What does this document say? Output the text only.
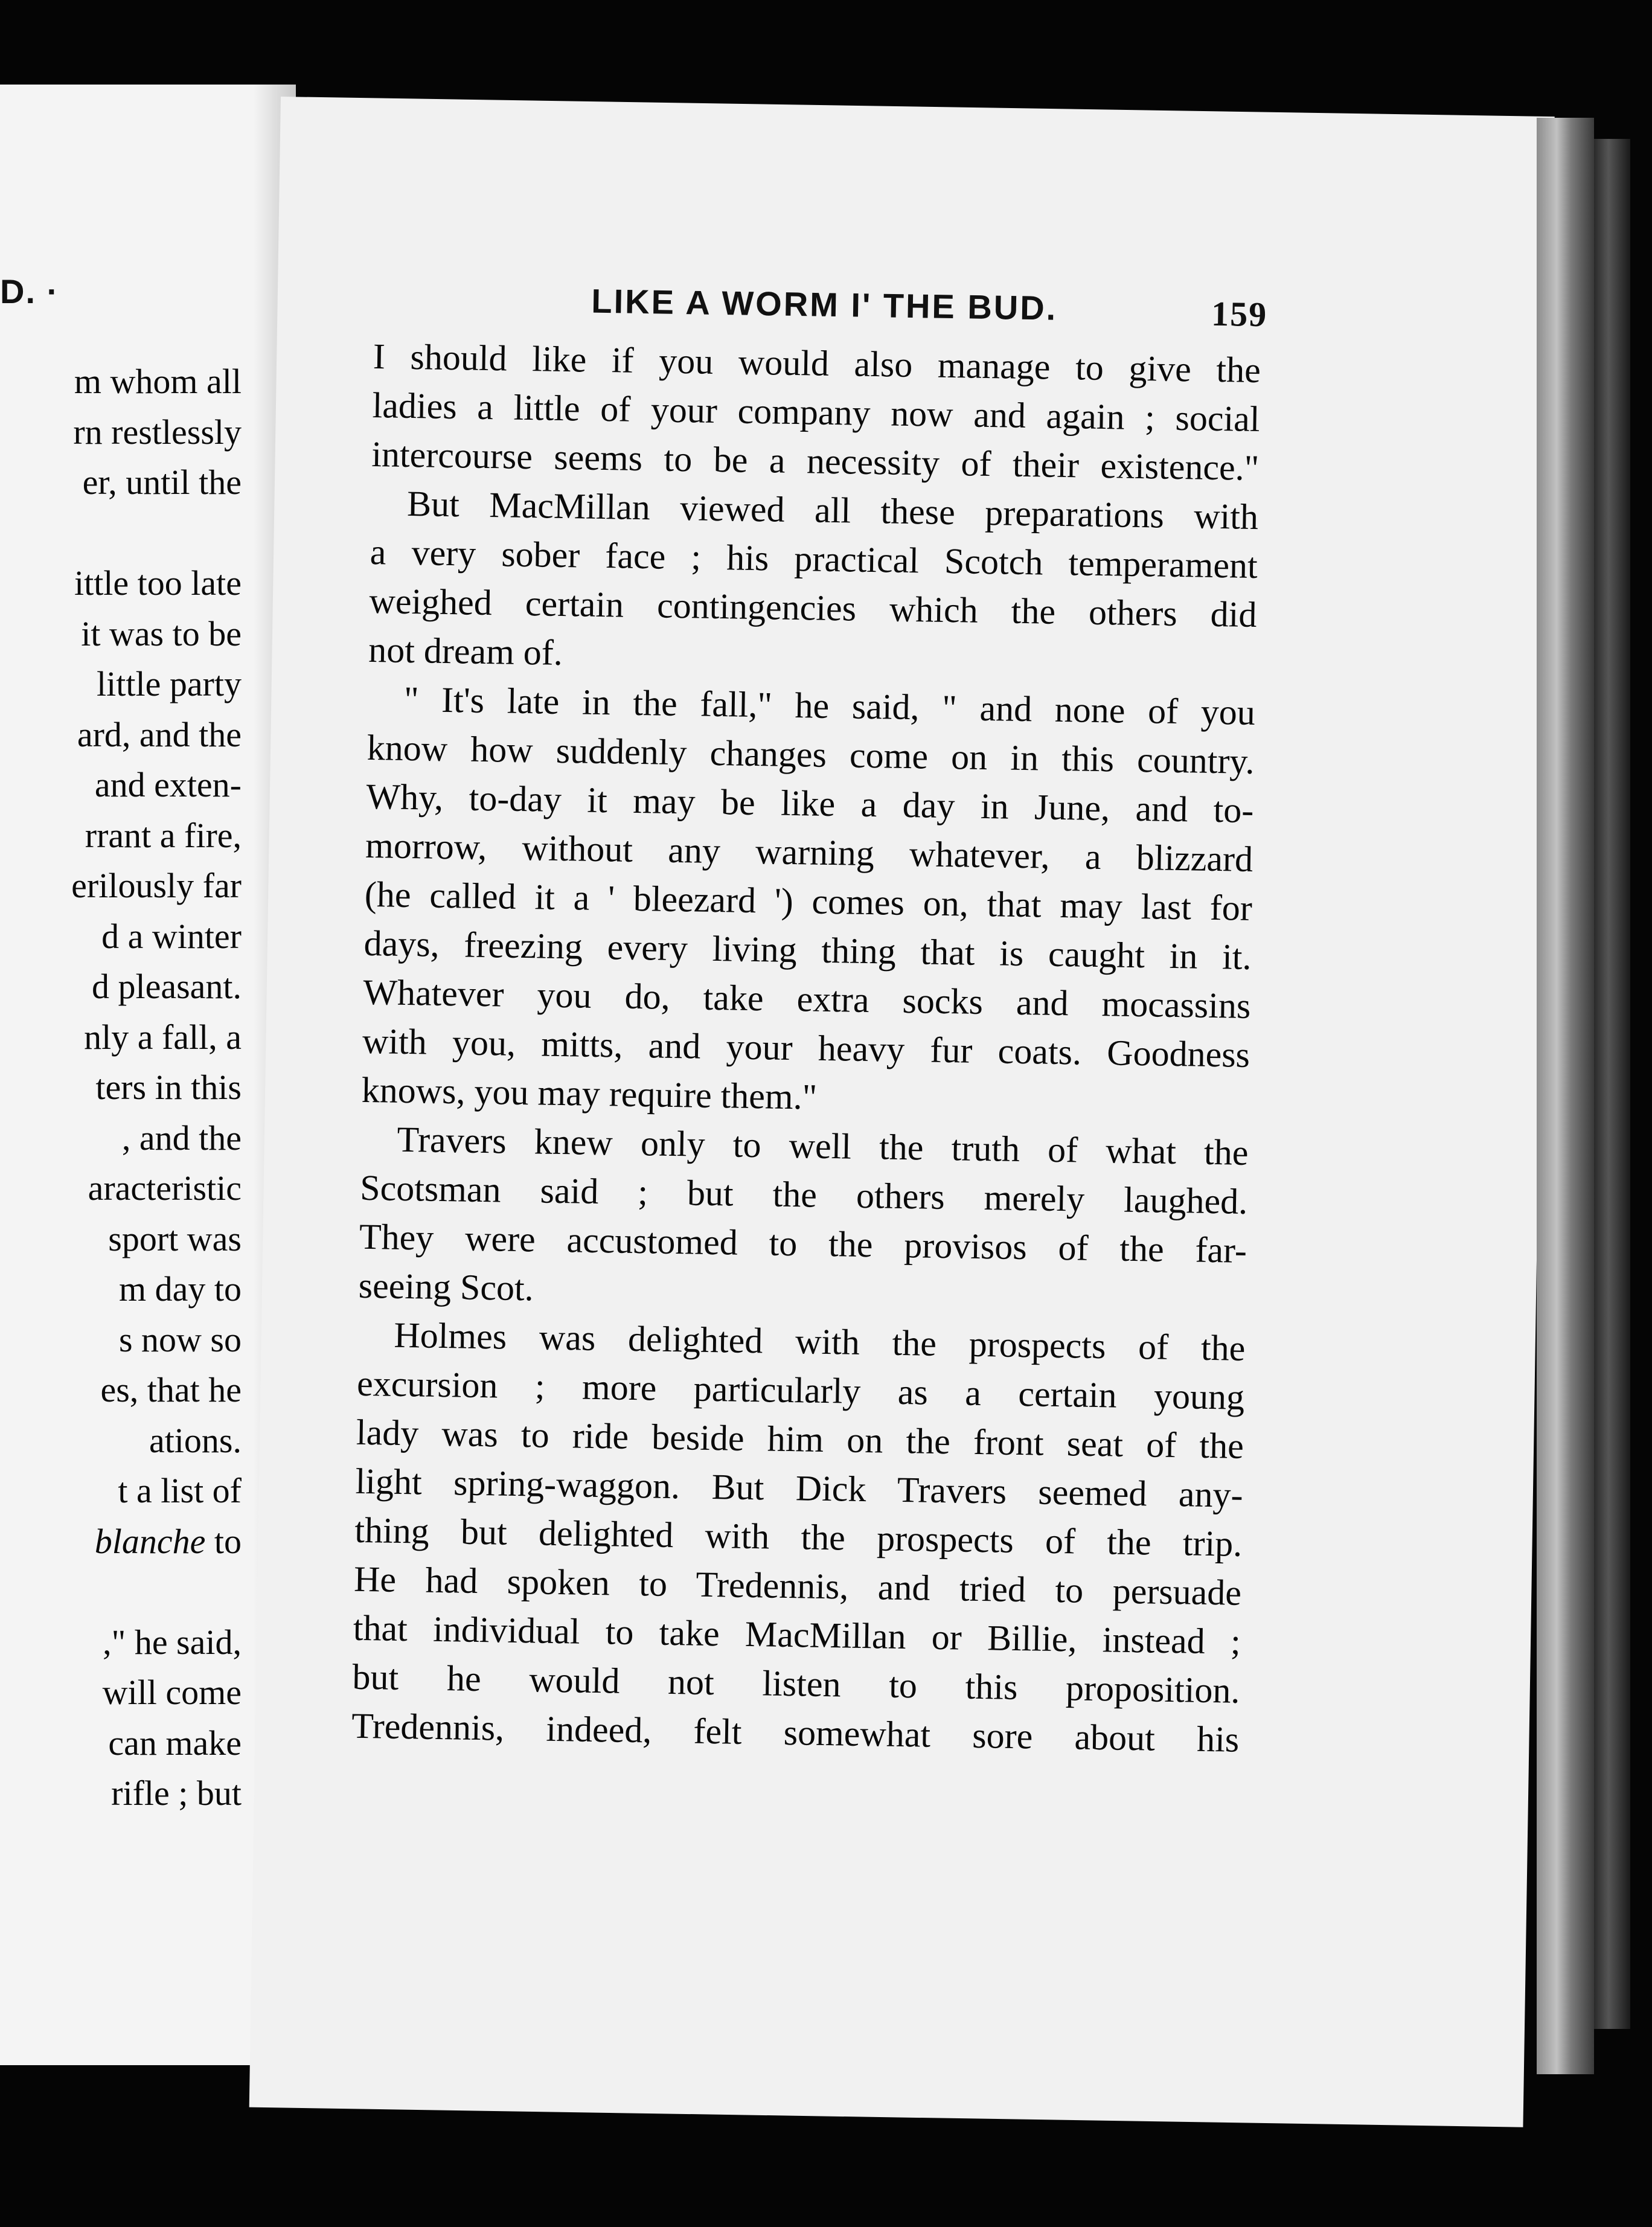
D. ·
m whom all
rn restlessly
er, until the
ittle too late
it was to be
little party
ard, and the
and exten-
rrant a fire,
erilously far
d a winter
d pleasant.
nly a fall, a
ters in this
, and the
aracteristic
sport was
m day to
s now so
es, that he
ations.
t a list of
blanche to
," he said,
will come
can make
rifle ; but
LIKE A WORM I' THE BUD.	159
I should like if you would also manage to give the
ladies a little of your company now and again ; social
intercourse seems to be a necessity of their existence."
But MacMillan viewed all these preparations with
a very sober face ; his practical Scotch temperament
weighed certain contingencies which the others did
not dream of.
" It's late in the fall," he said, " and none of you
know how suddenly changes come on in this country.
Why, to-day it may be like a day in June, and to-
morrow, without any warning whatever, a blizzard
(he called it a ' bleezard ') comes on, that may last for
days, freezing every living thing that is caught in it.
Whatever you do, take extra socks and mocassins
with you, mitts, and your heavy fur coats. Goodness
knows, you may require them."
Travers knew only to well the truth of what the
Scotsman said ; but the others merely laughed.
They were accustomed to the provisos of the far-
seeing Scot.
Holmes was delighted with the prospects of the
excursion ; more particularly as a certain young
lady was to ride beside him on the front seat of the
light spring-waggon. But Dick Travers seemed any-
thing but delighted with the prospects of the trip.
He had spoken to Tredennis, and tried to persuade
that individual to take MacMillan or Billie, instead ;
but he would not listen to this proposition.
Tredennis, indeed, felt somewhat sore about his
